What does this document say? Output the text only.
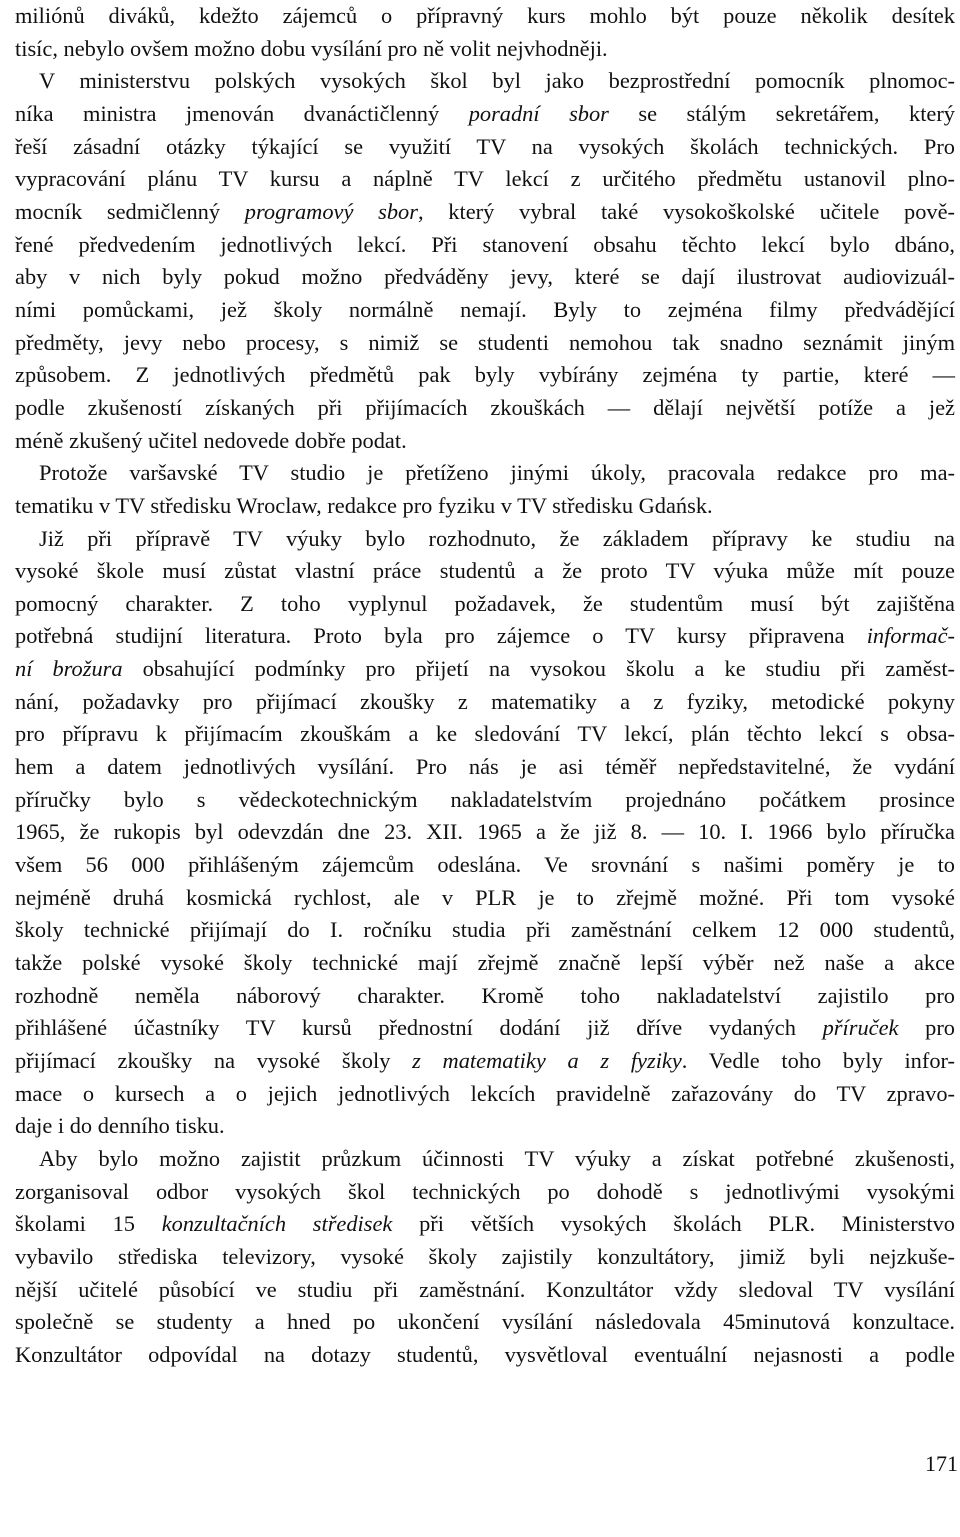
miliónů diváků, kdežto zájemců o přípravný kurs mohlo být pouze několik desítek
tisíc, nebylo ovšem možno dobu vysílání pro ně volit nejvhodněji.
V ministerstvu polských vysokých škol byl jako bezprostřední pomocník plnomoc-
níka ministra jmenován dvanáctičlenný poradní sbor se stálým sekretářem, který
řeší zásadní otázky týkající se využití TV na vysokých školách technických. Pro
vypracování plánu TV kursu a náplně TV lekcí z určitého předmětu ustanovil plno-
mocník sedmičlenný programový sbor, který vybral také vysokoškolské učitele pově-
řené předvedením jednotlivých lekcí. Při stanovení obsahu těchto lekcí bylo dbáno,
aby v nich byly pokud možno předváděny jevy, které se dají ilustrovat audiovizuál-
ními pomůckami, jež školy normálně nemají. Byly to zejména filmy předvádějící
předměty, jevy nebo procesy, s nimiž se studenti nemohou tak snadno seznámit jiným
způsobem. Z jednotlivých předmětů pak byly vybírány zejména ty partie, které —
podle zkušeností získaných při přijímacích zkouškách — dělají největší potíže a jež
méně zkušený učitel nedovede dobře podat.
Protože varšavské TV studio je přetíženo jinými úkoly, pracovala redakce pro ma-
tematiku v TV středisku Wroclaw, redakce pro fyziku v TV středisku Gdańsk.
Již při přípravě TV výuky bylo rozhodnuto, že základem přípravy ke studiu na
vysoké škole musí zůstat vlastní práce studentů a že proto TV výuka může mít pouze
pomocný charakter. Z toho vyplynul požadavek, že studentům musí být zajištěna
potřebná studijní literatura. Proto byla pro zájemce o TV kursy připravena informač-
ní brožura obsahující podmínky pro přijetí na vysokou školu a ke studiu při zaměst-
nání, požadavky pro přijímací zkoušky z matematiky a z fyziky, metodické pokyny
pro přípravu k přijímacím zkouškám a ke sledování TV lekcí, plán těchto lekcí s obsa-
hem a datem jednotlivých vysílání. Pro nás je asi téměř nepředstavitelné, že vydání
příručky bylo s vědeckotechnickým nakladatelstvím projednáno počátkem prosince
1965, že rukopis byl odevzdán dne 23. XII. 1965 a že již 8. — 10. I. 1966 bylo příručka
všem 56 000 přihlášeným zájemcům odeslána. Ve srovnání s našimi poměry je to
nejméně druhá kosmická rychlost, ale v PLR je to zřejmě možné. Při tom vysoké
školy technické přijímají do I. ročníku studia při zaměstnání celkem 12 000 studentů,
takže polské vysoké školy technické mají zřejmě značně lepší výběr než naše a akce
rozhodně neměla náborový charakter. Kromě toho nakladatelství zajistilo pro
přihlášené účastníky TV kursů přednostní dodání již dříve vydaných příruček pro
přijímací zkoušky na vysoké školy z matematiky a z fyziky. Vedle toho byly infor-
mace o kursech a o jejich jednotlivých lekcích pravidelně zařazovány do TV zpravo-
daje i do denního tisku.
Aby bylo možno zajistit průzkum účinnosti TV výuky a získat potřebné zkušenosti,
zorganisoval odbor vysokých škol technických po dohodě s jednotlivými vysokými
školami 15 konzultačních středisek při větších vysokých školách PLR. Ministerstvo
vybavilo střediska televizory, vysoké školy zajistily konzultátory, jimiž byli nejzkuše-
nější učitelé působící ve studiu při zaměstnání. Konzultátor vždy sledoval TV vysílání
společně se studenty a hned po ukončení vysílání následovala 45minutová konzultace.
Konzultátor odpovídal na dotazy studentů, vysvětloval eventuální nejasnosti a podle
171
